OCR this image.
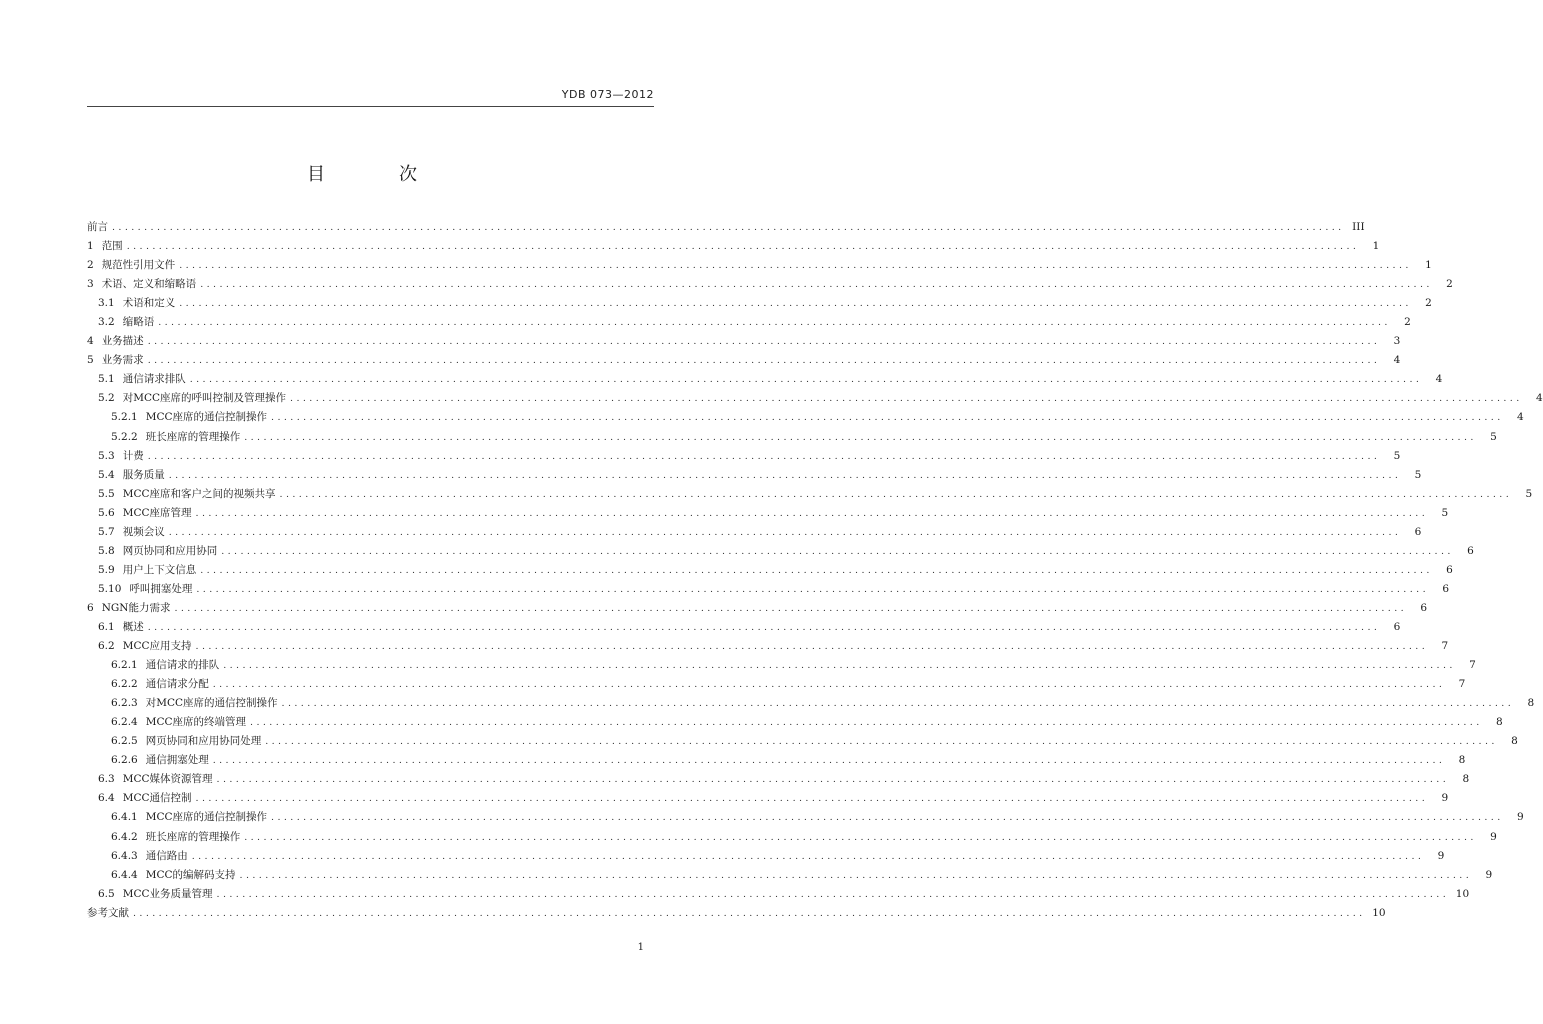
YDB 073—2012
目　次
前言 ................................................................................................................................................................................................ III
1 范围 ................................................................................................................................................................................................	1
2 规范性引用文件 ................................................................................................................................................................................................	1
3 术语、定义和缩略语 ................................................................................................................................................................................................	2
3.1 术语和定义 ................................................................................................................................................................................................	2
3.2 缩略语 ................................................................................................................................................................................................	2
4 业务描述 ................................................................................................................................................................................................	3
5 业务需求 ................................................................................................................................................................................................	4
5.1 通信请求排队 ................................................................................................................................................................................................	4
5.2 对MCC座席的呼叫控制及管理操作 ................................................................................................................................................................................................	4
5.2.1 MCC座席的通信控制操作 ................................................................................................................................................................................................	4
5.2.2 班长座席的管理操作 ................................................................................................................................................................................................	5
5.3 计费 ................................................................................................................................................................................................	5
5.4 服务质量 ................................................................................................................................................................................................	5
5.5 MCC座席和客户之间的视频共享 ................................................................................................................................................................................................	5
5.6 MCC座席管理 ................................................................................................................................................................................................	5
5.7 视频会议 ................................................................................................................................................................................................	6
5.8 网页协同和应用协同 ................................................................................................................................................................................................	6
5.9 用户上下文信息 ................................................................................................................................................................................................	6
5.10 呼叫拥塞处理 ................................................................................................................................................................................................	6
6 NGN能力需求 ................................................................................................................................................................................................	6
6.1 概述 ................................................................................................................................................................................................	6
6.2 MCC应用支持 ................................................................................................................................................................................................	7
6.2.1 通信请求的排队 ................................................................................................................................................................................................	7
6.2.2 通信请求分配 ................................................................................................................................................................................................	7
6.2.3 对MCC座席的通信控制操作 ................................................................................................................................................................................................	8
6.2.4 MCC座席的终端管理 ................................................................................................................................................................................................	8
6.2.5 网页协同和应用协同处理 ................................................................................................................................................................................................	8
6.2.6 通信拥塞处理 ................................................................................................................................................................................................	8
6.3 MCC媒体资源管理 ................................................................................................................................................................................................	8
6.4 MCC通信控制 ................................................................................................................................................................................................	9
6.4.1 MCC座席的通信控制操作 ................................................................................................................................................................................................	9
6.4.2 班长座席的管理操作 ................................................................................................................................................................................................	9
6.4.3 通信路由 ................................................................................................................................................................................................	9
6.4.4 MCC的编解码支持 ................................................................................................................................................................................................	9
6.5 MCC业务质量管理 ................................................................................................................................................................................................ 10
参考文献 ................................................................................................................................................................................................ 10
1
